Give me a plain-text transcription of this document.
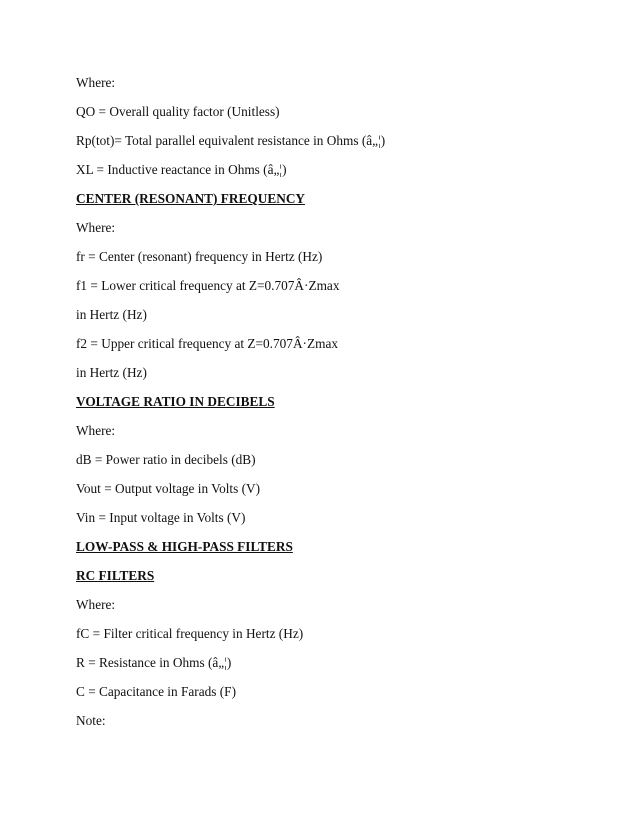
Where:
QO = Overall quality factor (Unitless)
Rp(tot)= Total parallel equivalent resistance in Ohms (â„¦)
XL = Inductive reactance in Ohms (â„¦)
CENTER (RESONANT) FREQUENCY
Where:
fr = Center (resonant) frequency in Hertz (Hz)
f1 = Lower critical frequency at Z=0.707Â·Zmax
in Hertz (Hz)
f2 = Upper critical frequency at Z=0.707Â·Zmax
in Hertz (Hz)
VOLTAGE RATIO IN DECIBELS
Where:
dB = Power ratio in decibels (dB)
Vout = Output voltage in Volts (V)
Vin = Input voltage in Volts (V)
LOW-PASS & HIGH-PASS FILTERS
RC FILTERS
Where:
fC = Filter critical frequency in Hertz (Hz)
R = Resistance in Ohms (â„¦)
C = Capacitance in Farads (F)
Note:
